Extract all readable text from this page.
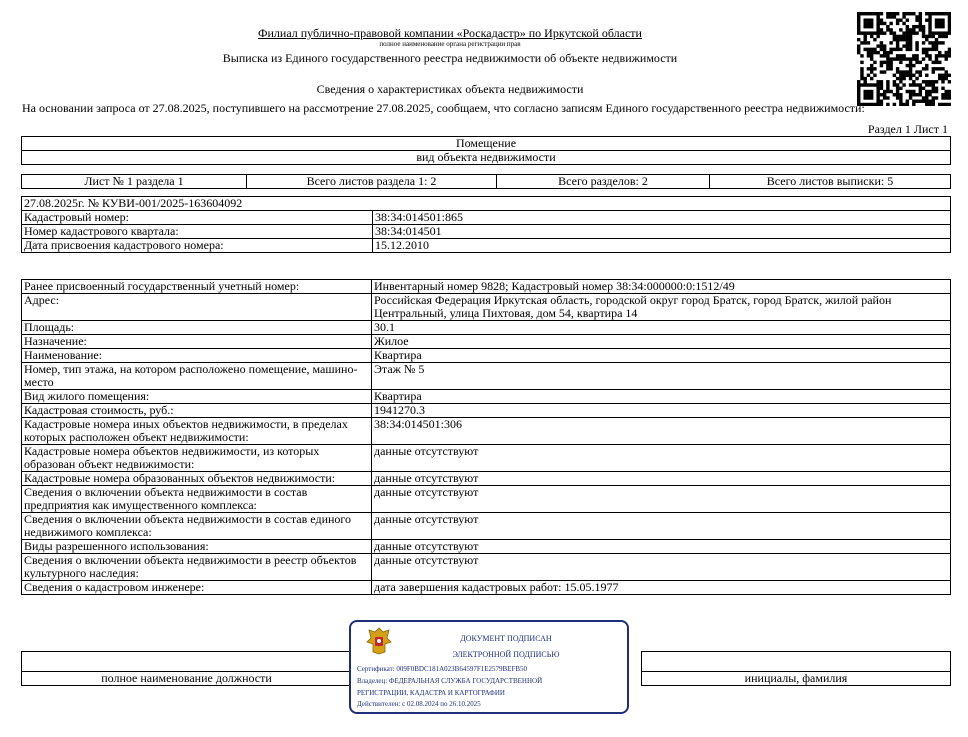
Филиал публично-правовой компании «Роскадастр» по Иркутской области
полное наименование органа регистрации прав
Выписка из Единого государственного реестра недвижимости об объекте недвижимости
Сведения о характеристиках объекта недвижимости
На основании запроса от 27.08.2025, поступившего на рассмотрение 27.08.2025, сообщаем, что согласно записям Единого государственного реестра недвижимости:
Раздел 1 Лист 1
Помещение
вид объекта недвижимости
Лист № 1 раздела 1	Всего листов раздела 1: 2	Всего разделов: 2	Всего листов выписки: 5
27.08.2025г. № КУВИ-001/2025-163604092	
Кадастровый номер:	38:34:014501:865
Номер кадастрового квартала:	38:34:014501
Дата присвоения кадастрового номера:	15.12.2010
Ранее присвоенный государственный учетный номер:	Инвентарный номер 9828; Кадастровый номер 38:34:000000:0:1512/49
Адрес:	Российская Федерация Иркутская область, городской округ город Братск, город Братск, жилой район Центральный, улица Пихтовая, дом 54, квартира 14
Площадь:	30.1
Назначение:	Жилое
Наименование:	Квартира
Номер, тип этажа, на котором расположено помещение, машино-место	Этаж № 5
Вид жилого помещения:	Квартира
Кадастровая стоимость, руб.:	1941270.3
Кадастровые номера иных объектов недвижимости, в пределах которых расположен объект недвижимости:	38:34:014501:306
Кадастровые номера объектов недвижимости, из которых образован объект недвижимости:	данные отсутствуют
Кадастровые номера образованных объектов недвижимости:	данные отсутствуют
Сведения о включении объекта недвижимости в состав предприятия как имущественного комплекса:	данные отсутствуют
Сведения о включении объекта недвижимости в состав единого недвижимого комплекса:	данные отсутствуют
Виды разрешенного использования:	данные отсутствуют
Сведения о включении объекта недвижимости в реестр объектов культурного наследия:	данные отсутствуют
Сведения о кадастровом инженере:	дата завершения кадастровых работ: 15.05.1977

полное наименование должности		инициалы, фамилия
ДОКУМЕНТ ПОДПИСАН
ЭЛЕКТРОННОЙ ПОДПИСЬЮ
Сертификат: 009F0BDC181A023B64597F1E2579BEFB50
Владелец: ФЕДЕРАЛЬНАЯ СЛУЖБА ГОСУДАРСТВЕННОЙ
РЕГИСТРАЦИИ, КАДАСТРА И КАРТОГРАФИИ
Действителен: с 02.08.2024 по 26.10.2025
